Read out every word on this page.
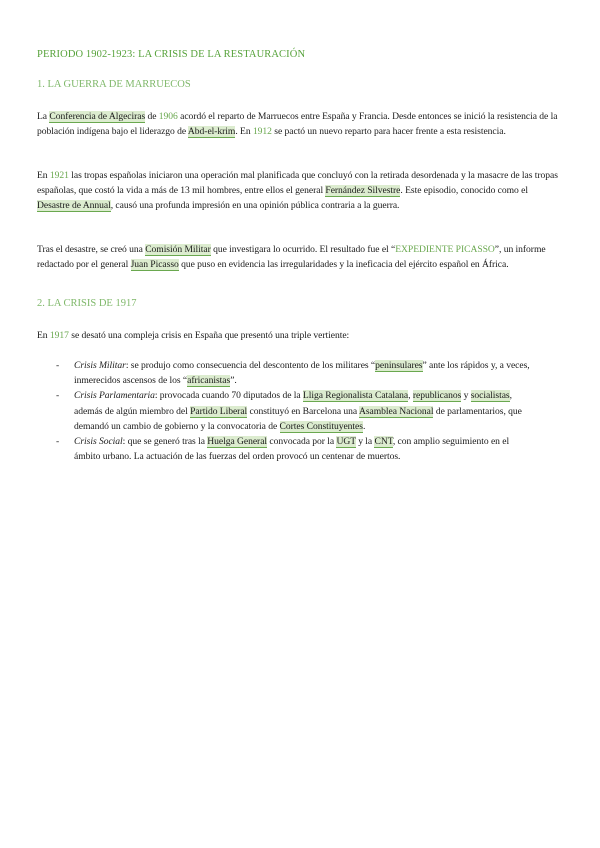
PERIODO 1902-1923: LA CRISIS DE LA RESTAURACIÓN
1. LA GUERRA DE MARRUECOS

La Conferencia de Algeciras de 1906 acordó el reparto de Marruecos entre España y Francia. Desde entonces se inició la resistencia de la población indígena bajo el liderazgo de Abd-el-krim. En 1912 se pactó un nuevo reparto para hacer frente a esta resistencia.

En 1921 las tropas españolas iniciaron una operación mal planificada que concluyó con la retirada desordenada y la masacre de las tropas españolas, que costó la vida a más de 13 mil hombres, entre ellos el general Fernández Silvestre. Este episodio, conocido como el Desastre de Annual, causó una profunda impresión en una opinión pública contraria a la guerra.

Tras el desastre, se creó una Comisión Militar que investigara lo ocurrido. El resultado fue el “EXPEDIENTE PICASSO”, un informe redactado por el general Juan Picasso que puso en evidencia las irregularidades y la ineficacia del ejército español en África.

2. LA CRISIS DE 1917

En 1917 se desató una compleja crisis en España que presentó una triple vertiente:

- Crisis Militar: se produjo como consecuencia del descontento de los militares “peninsulares” ante los rápidos y, a veces, inmerecidos ascensos de los “africanistas”.
- Crisis Parlamentaria: provocada cuando 70 diputados de la Lliga Regionalista Catalana, republicanos y socialistas, además de algún miembro del Partido Liberal constituyó en Barcelona una Asamblea Nacional de parlamentarios, que demandó un cambio de gobierno y la convocatoria de Cortes Constituyentes.
- Crisis Social: que se generó tras la Huelga General convocada por la UGT y la CNT, con amplio seguimiento en el ámbito urbano. La actuación de las fuerzas del orden provocó un centenar de muertos.
